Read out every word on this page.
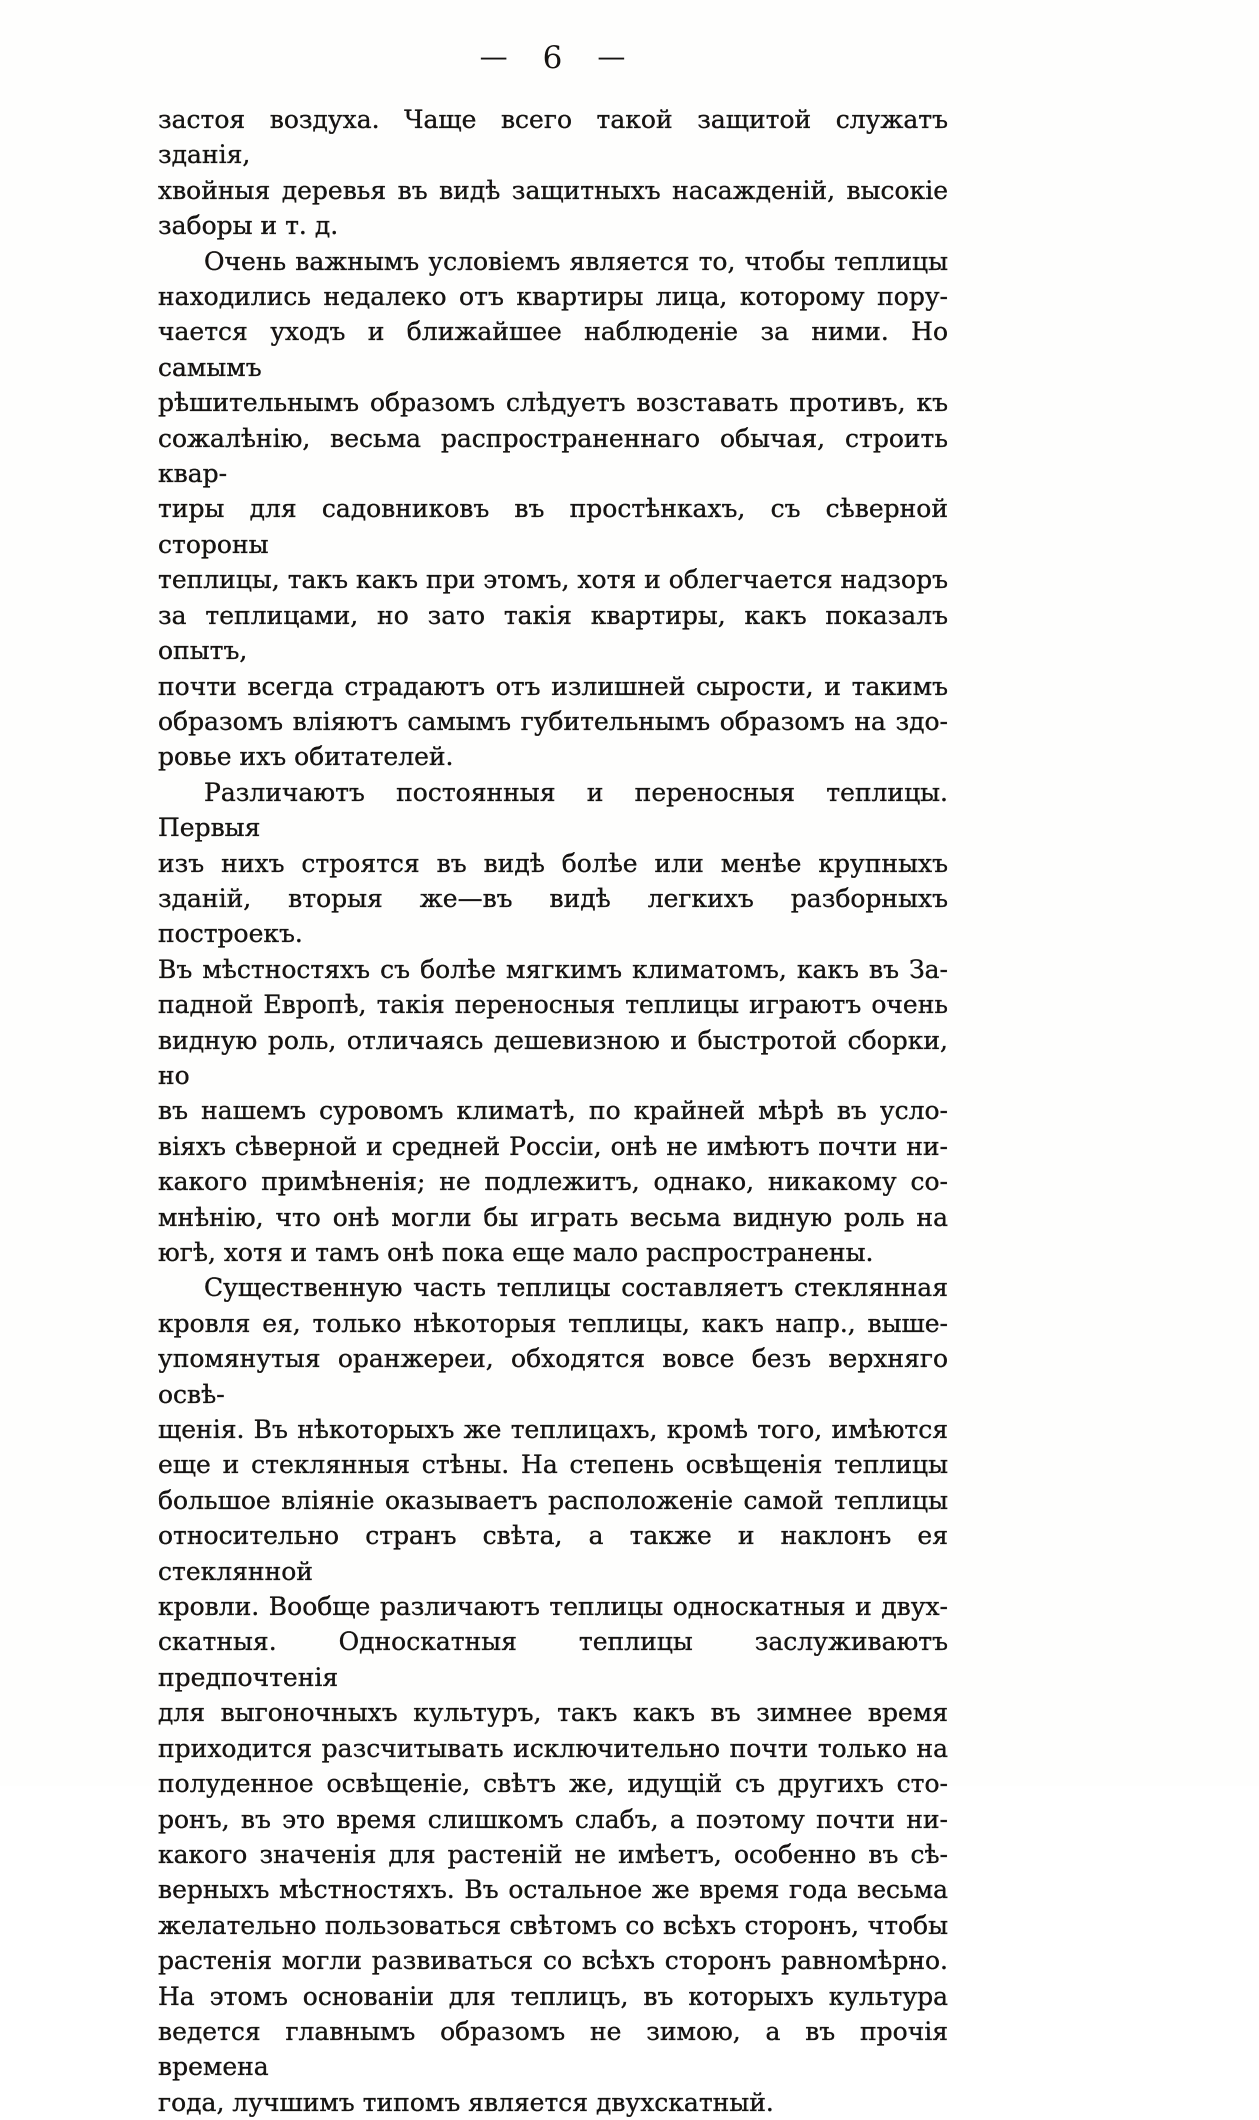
— 6 —
застоя воздуха. Чаще всего такой защитой служатъ зданія,
хвойныя деревья въ видѣ защитныхъ насажденій, высокіе
заборы и т. д.
Очень важнымъ условіемъ является то, чтобы теплицы
находились недалеко отъ квартиры лица, которому пору-
чается уходъ и ближайшее наблюденіе за ними. Но самымъ
рѣшительнымъ образомъ слѣдуетъ возставать противъ, къ
сожалѣнію, весьма распространеннаго обычая, строить квар-
тиры для садовниковъ въ простѣнкахъ, съ сѣверной стороны
теплицы, такъ какъ при этомъ, хотя и облегчается надзоръ
за теплицами, но зато такія квартиры, какъ показалъ опытъ,
почти всегда страдаютъ отъ излишней сырости, и такимъ
образомъ вліяютъ самымъ губительнымъ образомъ на здо-
ровье ихъ обитателей.
Различаютъ постоянныя и переносныя теплицы. Первыя
изъ нихъ строятся въ видѣ болѣе или менѣе крупныхъ
зданій, вторыя же—въ видѣ легкихъ разборныхъ построекъ.
Въ мѣстностяхъ съ болѣе мягкимъ климатомъ, какъ въ За-
падной Европѣ, такія переносныя теплицы играютъ очень
видную роль, отличаясь дешевизною и быстротой сборки, но
въ нашемъ суровомъ климатѣ, по крайней мѣрѣ въ усло-
віяхъ сѣверной и средней Россіи, онѣ не имѣютъ почти ни-
какого примѣненія; не подлежитъ, однако, никакому со-
мнѣнію, что онѣ могли бы играть весьма видную роль на
югѣ, хотя и тамъ онѣ пока еще мало распространены.
Существенную часть теплицы составляетъ стеклянная
кровля ея, только нѣкоторыя теплицы, какъ напр., выше-
упомянутыя оранжереи, обходятся вовсе безъ верхняго освѣ-
щенія. Въ нѣкоторыхъ же теплицахъ, кромѣ того, имѣются
еще и стеклянныя стѣны. На степень освѣщенія теплицы
большое вліяніе оказываетъ расположеніе самой теплицы
относительно странъ свѣта, а также и наклонъ ея стеклянной
кровли. Вообще различаютъ теплицы односкатныя и двух-
скатныя. Односкатныя теплицы заслуживаютъ предпочтенія
для выгоночныхъ культуръ, такъ какъ въ зимнее время
приходится разсчитывать исключительно почти только на
полуденное освѣщеніе, свѣтъ же, идущій съ другихъ сто-
ронъ, въ это время слишкомъ слабъ, а поэтому почти ни-
какого значенія для растеній не имѣетъ, особенно въ сѣ-
верныхъ мѣстностяхъ. Въ остальное же время года весьма
желательно пользоваться свѣтомъ со всѣхъ сторонъ, чтобы
растенія могли развиваться со всѣхъ сторонъ равномѣрно.
На этомъ основаніи для теплицъ, въ которыхъ культура
ведется главнымъ образомъ не зимою, а въ прочія времена
года, лучшимъ типомъ является двухскатный.
